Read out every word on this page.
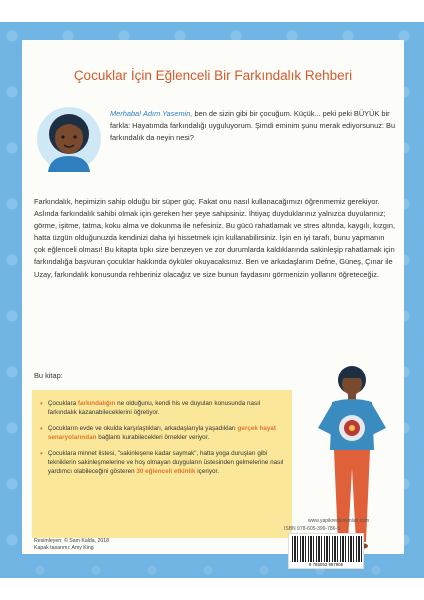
Çocuklar İçin Eğlenceli Bir Farkındalık Rehberi

Merhaba! Adım Yasemin, ben de sizin gibi bir çocuğum. Küçük... peki peki BÜYÜK bir farkla: Hayatımda farkındalığı uyguluyorum. Şimdi eminim şunu merak ediyorsunuz: Bu farkındalık da neyin nesi?

Farkındalık, hepimizin sahip olduğu bir süper güç. Fakat onu nasıl kullanacağımızı öğrenmemiz gerekiyor. Aslında farkındalık sahibi olmak için gereken her şeye sahipsiniz. İhtiyaç duyduklarınız yalnızca duyularınız; görme, işitme, tatma, koku alma ve dokunma ile nefesiniz. Bu gücü rahatlamak ve stres altında, kaygılı, kızgın, hatta üzgün olduğunuzda kendinizi daha iyi hissetmek için kullanabilirsiniz. İşin en iyi tarafı, bunu yapmanın çok eğlenceli olması! Bu kitapta tıpkı size benzeyen ve zor durumlarda kaldıklarında sakinleşip rahatlamak için farkındalığa başvuran çocuklar hakkında öyküler okuyacaksınız. Ben ve arkadaşlarım Defne, Güneş, Çınar ile Uzay, farkındalık konusunda rehberiniz olacağız ve size bunun faydasını görmenizin yollarını öğreteceğiz.

Bu kitap:

• Çocuklara farkındalığın ne olduğunu, kendi his ve duyuları konusunda nasıl farkındalık kazanabileceklerini öğretiyor.
• Çocukların evde ve okulda karşılaştıkları, arkadaşlarıyla yaşadıkları gerçek hayat senaryolarından bağlantı kurabilecekleri örnekler veriyor.
• Çocuklara minnet listesi, "sakinleşene kadar saymak", hatta yoga duruşları gibi tekniklerin sakinleşmelerine ve hoş olmayan duyguların üstesinden gelmelerine nasıl yardımcı olabileceğini gösteren 30 eğlenceli etkinlik içeriyor.
www.yapikrediyayinlari.com
ISBN 978-605-399-786-5
9 786053 997865
Resimleyen: © Sam Kalda, 2018
Kapak tasarımı: Amy King
